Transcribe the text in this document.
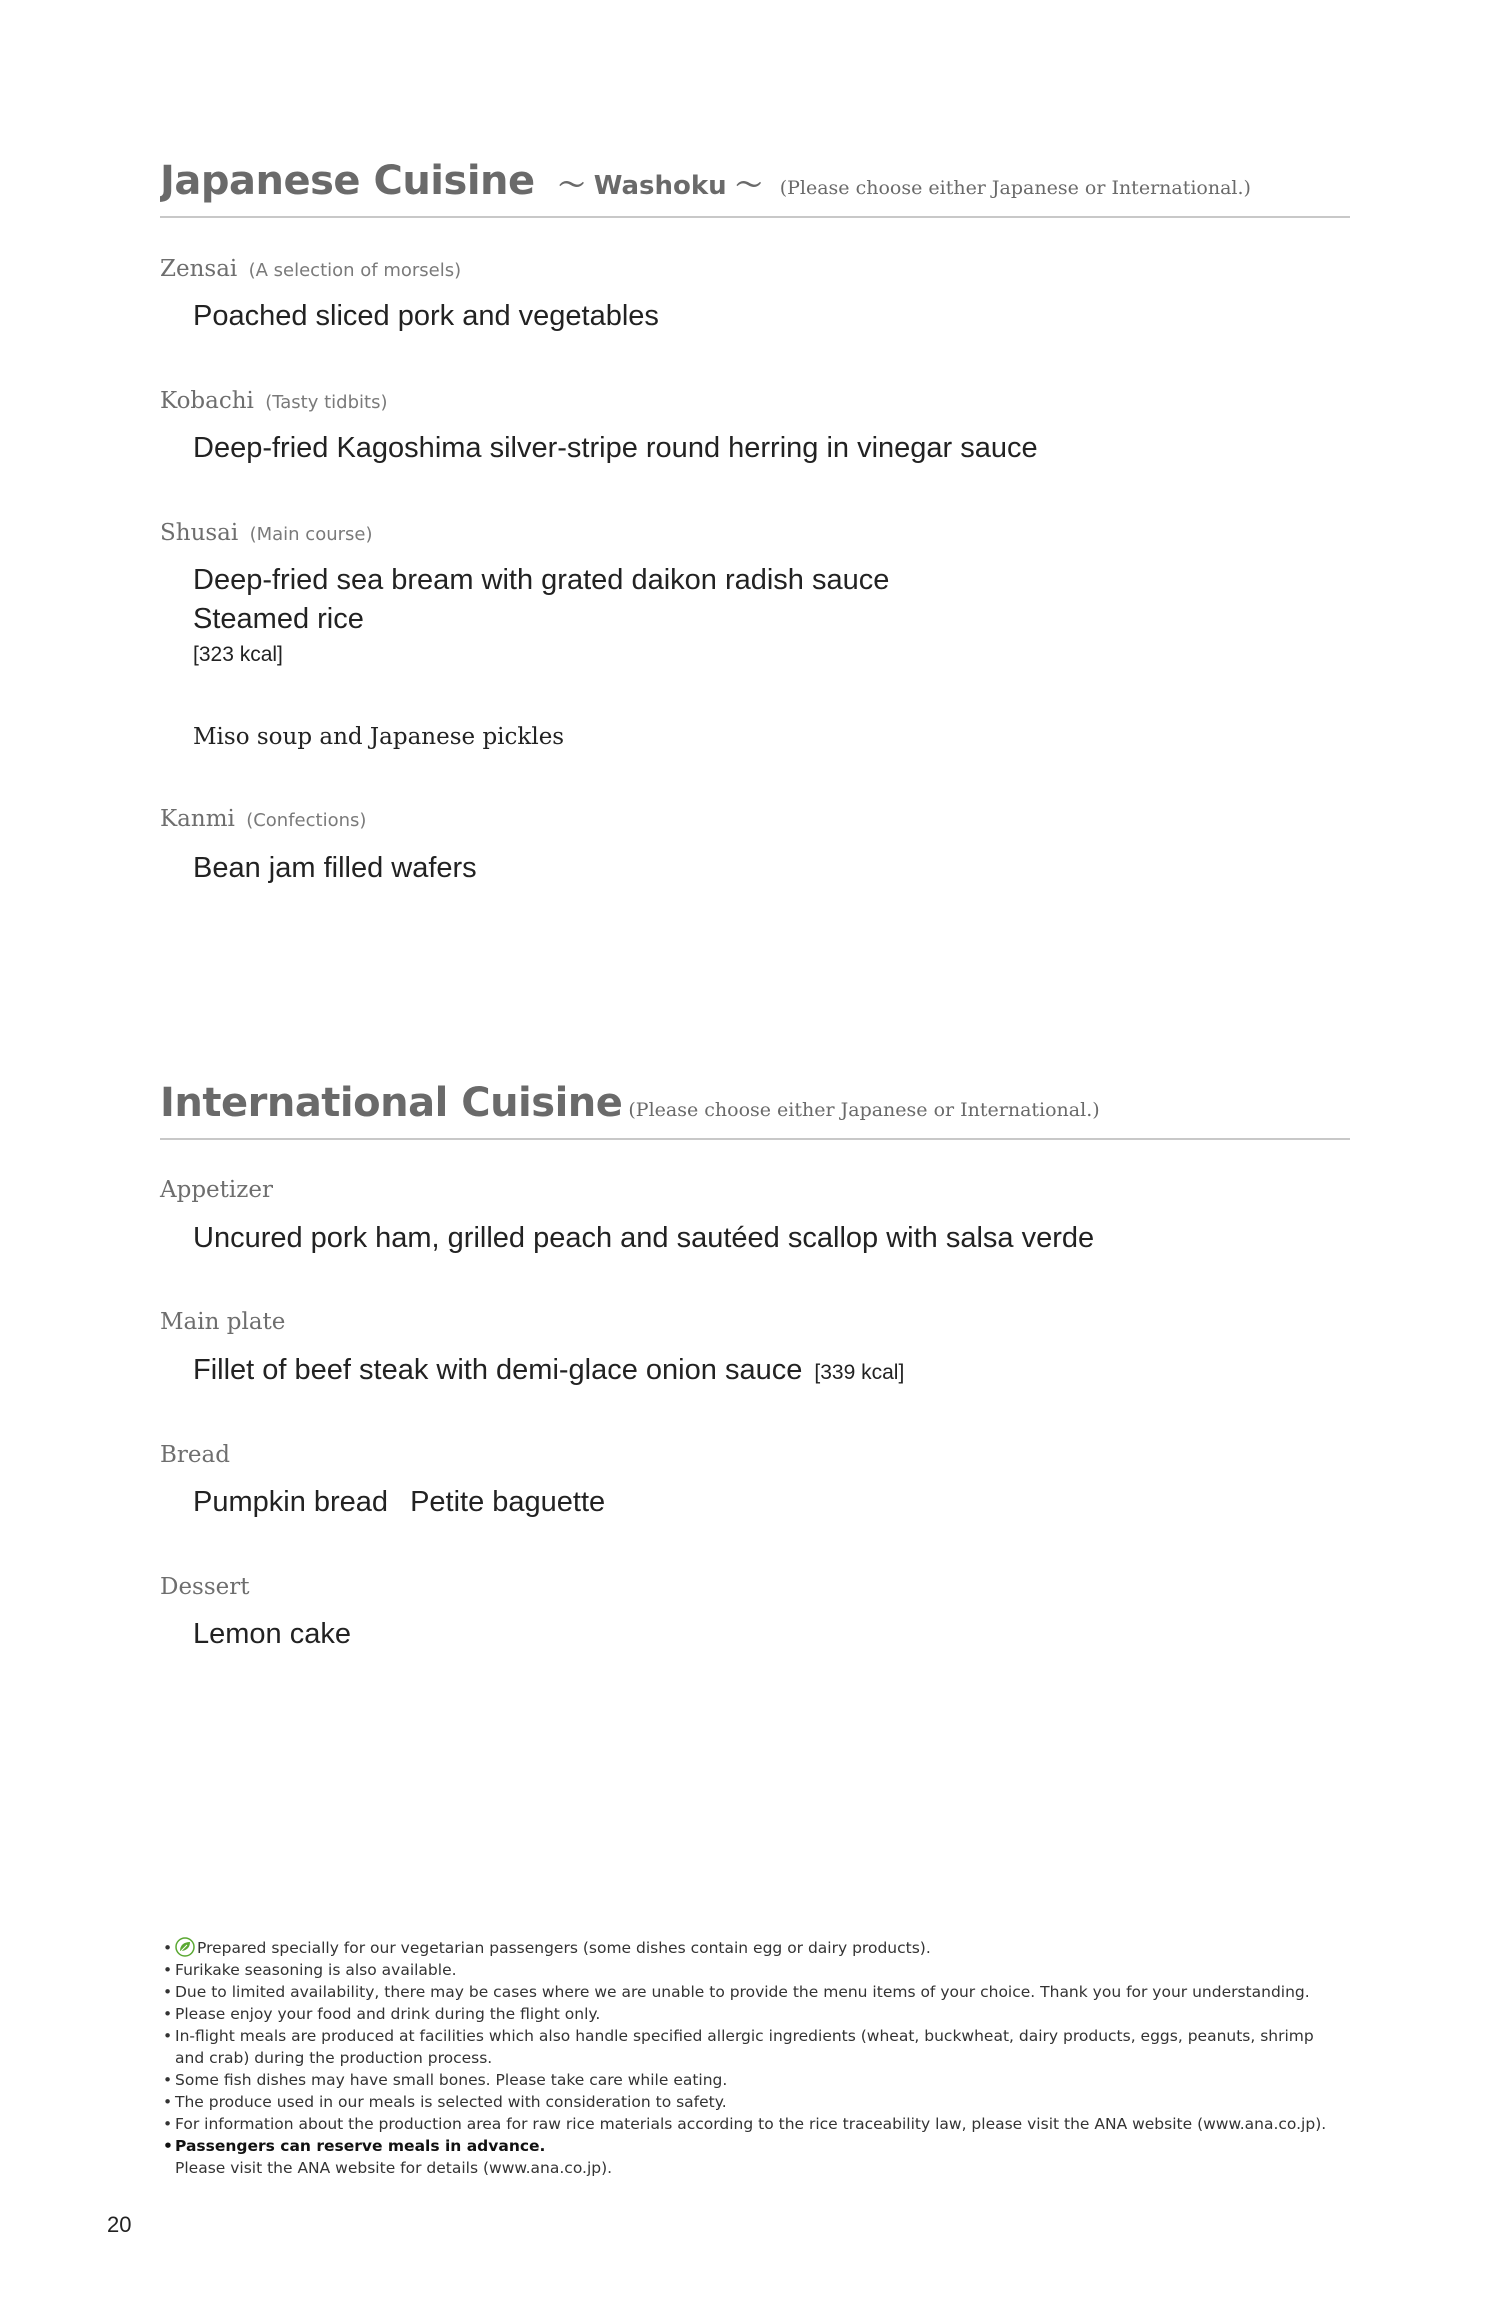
Japanese Cuisine ～ Washoku ～ (Please choose either Japanese or International.)
Zensai (A selection of morsels)
Poached sliced pork and vegetables
Kobachi (Tasty tidbits)
Deep-fried Kagoshima silver-stripe round herring in vinegar sauce
Shusai (Main course)
Deep-fried sea bream with grated daikon radish sauce
Steamed rice
[323 kcal]
Miso soup and Japanese pickles
Kanmi (Confections)
Bean jam filled wafers
International Cuisine (Please choose either Japanese or International.)
Appetizer
Uncured pork ham, grilled peach and sautéed scallop with salsa verde
Main plate
Fillet of beef steak with demi-glace onion sauce [339 kcal]
Bread
Pumpkin bread Petite baguette
Dessert
Lemon cake
•	Prepared specially for our vegetarian passengers (some dishes contain egg or dairy products).
• Furikake seasoning is also available.
• Due to limited availability, there may be cases where we are unable to provide the menu items of your choice. Thank you for your understanding.
• Please enjoy your food and drink during the flight only.
• In-flight meals are produced at facilities which also handle specified allergic ingredients (wheat, buckwheat, dairy products, eggs, peanuts, shrimp and crab) during the production process.
• Some fish dishes may have small bones. Please take care while eating.
• The produce used in our meals is selected with consideration to safety.
• For information about the production area for raw rice materials according to the rice traceability law, please visit the ANA website (www.ana.co.jp).
• Passengers can reserve meals in advance.
Please visit the ANA website for details (www.ana.co.jp).
20
